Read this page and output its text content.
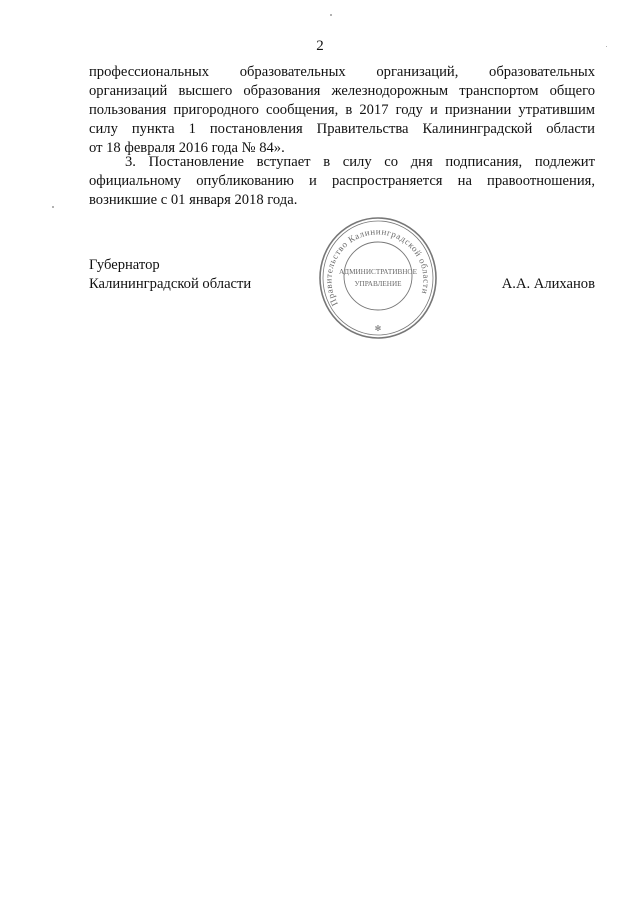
2
профессиональных образовательных организаций, образовательных
организаций высшего образования железнодорожным транспортом общего
пользования пригородного сообщения, в 2017 году и признании утратившим
силу пункта 1 постановления Правительства Калининградской области
от 18 февраля 2016 года № 84».
3. Постановление вступает в силу со дня подписания, подлежит
официальному опубликованию и распространяется на правоотношения,
возникшие с 01 января 2018 года.
Губернатор
Калининградской области
Правительство Калининградской области
АДМИНИСТРАТИВНОЕ
УПРАВЛЕНИЕ
✻
А.А. Алиханов
